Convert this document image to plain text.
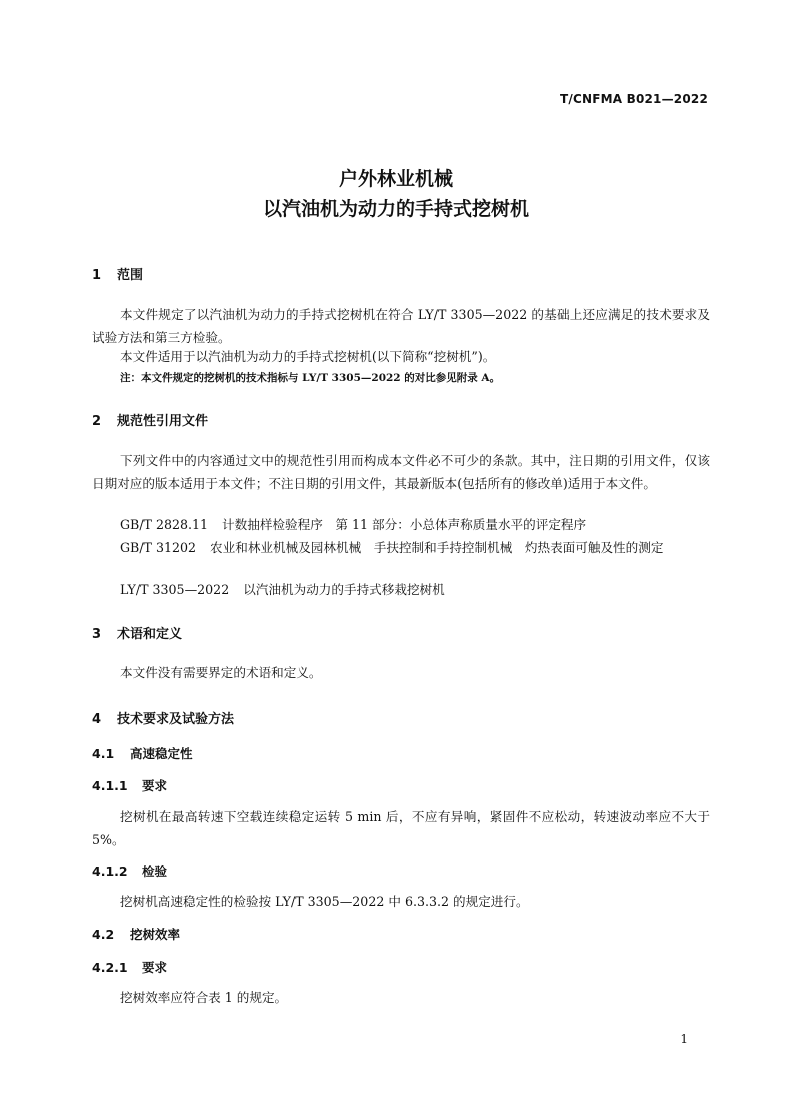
T/CNFMA B021—2022
户外林业机械
以汽油机为动力的手持式挖树机
1 范围
本文件规定了以汽油机为动力的手持式挖树机在符合 LY/T 3305—2022 的基础上还应满足的技术要求及试验方法和第三方检验。
本文件适用于以汽油机为动力的手持式挖树机(以下简称“挖树机”)。
注：本文件规定的挖树机的技术指标与 LY/T 3305—2022 的对比参见附录 A。
2 规范性引用文件
下列文件中的内容通过文中的规范性引用而构成本文件必不可少的条款。其中，注日期的引用文件，仅该日期对应的版本适用于本文件；不注日期的引用文件，其最新版本(包括所有的修改单)适用于本文件。
GB/T 2828.11 计数抽样检验程序　第 11 部分：小总体声称质量水平的评定程序
GB/T 31202 农业和林业机械及园林机械　手扶控制和手持控制机械　灼热表面可触及性的测定
LY/T 3305—2022 以汽油机为动力的手持式移栽挖树机
3 术语和定义
本文件没有需要界定的术语和定义。
4 技术要求及试验方法
4.1 高速稳定性
4.1.1 要求
挖树机在最高转速下空载连续稳定运转 5 min 后，不应有异响，紧固件不应松动，转速波动率应不大于 5%。
4.1.2 检验
挖树机高速稳定性的检验按 LY/T 3305—2022 中 6.3.3.2 的规定进行。
4.2 挖树效率
4.2.1 要求
挖树效率应符合表 1 的规定。
1
